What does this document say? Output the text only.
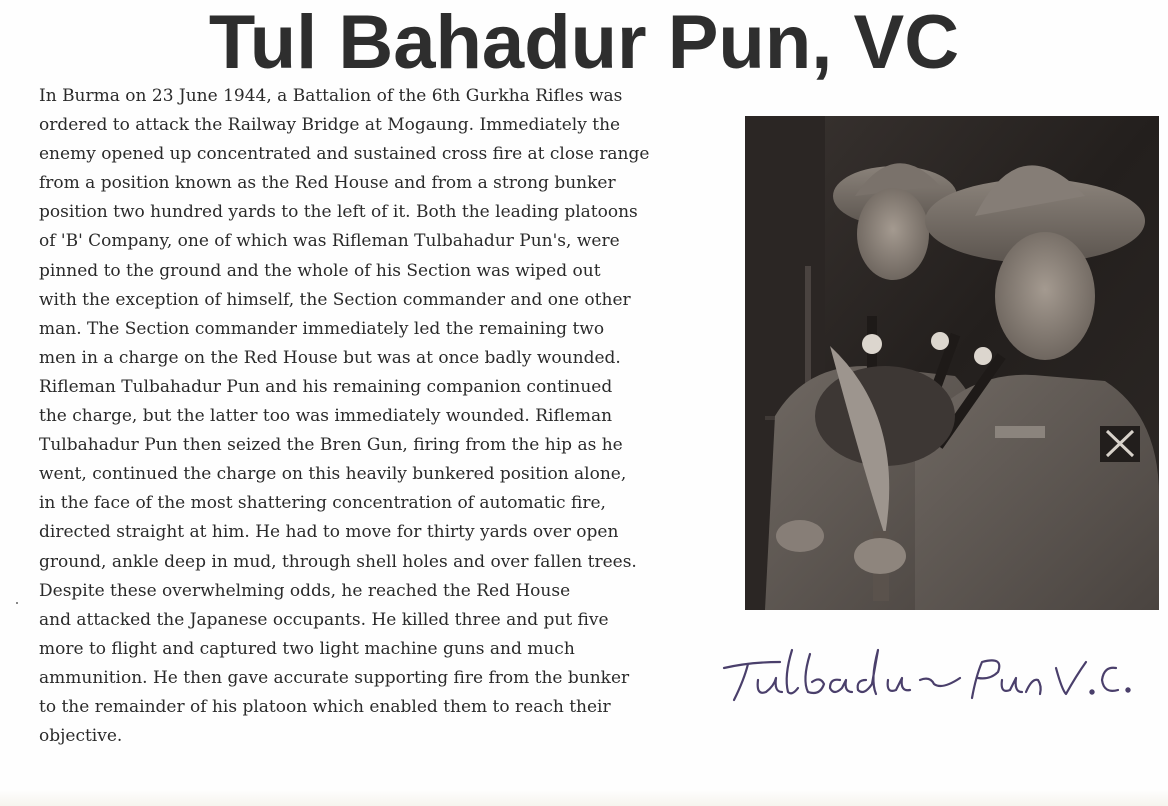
Tul Bahadur Pun, VC
In Burma on 23 June 1944, a Battalion of the 6th Gurkha Rifles was
ordered to attack the Railway Bridge at Mogaung. Immediately the
enemy opened up concentrated and sustained cross fire at close range
from a position known as the Red House and from a strong bunker
position two hundred yards to the left of it. Both the leading platoons
of 'B' Company, one of which was Rifleman Tulbahadur Pun's, were
pinned to the ground and the whole of his Section was wiped out
with the exception of himself, the Section commander and one other
man. The Section commander immediately led the remaining two
men in a charge on the Red House but was at once badly wounded.
Rifleman Tulbahadur Pun and his remaining companion continued
the charge, but the latter too was immediately wounded. Rifleman
Tulbahadur Pun then seized the Bren Gun, firing from the hip as he
went, continued the charge on this heavily bunkered position alone,
in the face of the most shattering concentration of automatic fire,
directed straight at him. He had to move for thirty yards over open
ground, ankle deep in mud, through shell holes and over fallen trees.
Despite these overwhelming odds, he reached the Red House
and attacked the Japanese occupants. He killed three and put five
more to flight and captured two light machine guns and much
ammunition. He then gave accurate supporting fire from the bunker
to the remainder of his platoon which enabled them to reach their
objective.
